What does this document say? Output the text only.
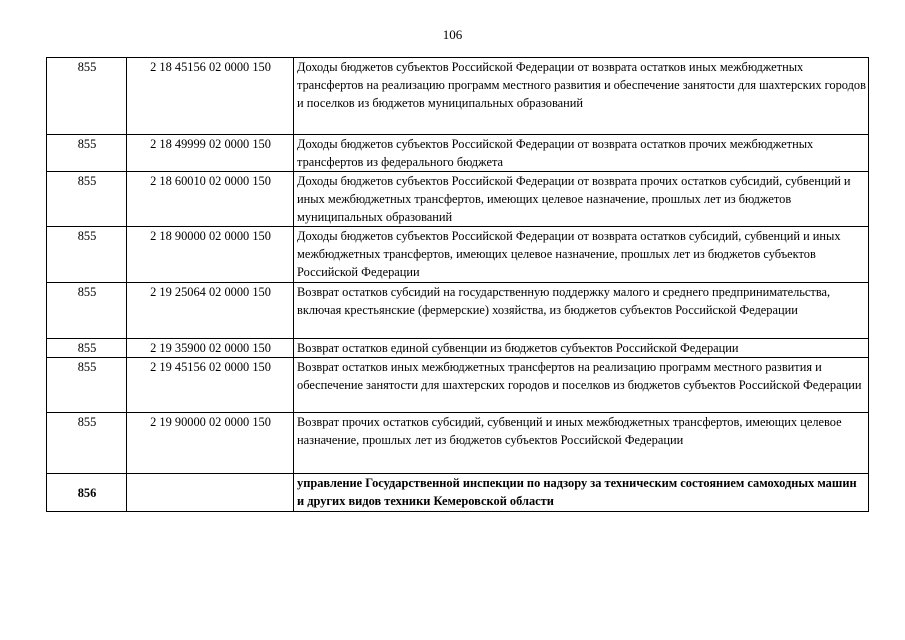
106
855	2 18 45156 02 0000 150	Доходы бюджетов субъектов Российской Федерации от возврата остатков иных межбюджетных трансфертов на реализацию программ местного развития и обеспечение занятости для шахтерских городов и поселков из бюджетов муниципальных образований
855	2 18 49999 02 0000 150	Доходы бюджетов субъектов Российской Федерации от возврата остатков прочих межбюджетных трансфертов из федерального бюджета
855	2 18 60010 02 0000 150	Доходы бюджетов субъектов Российской Федерации от возврата прочих остатков субсидий, субвенций и иных межбюджетных трансфертов, имеющих целевое назначение, прошлых лет из бюджетов муниципальных образований
855	2 18 90000 02 0000 150	Доходы бюджетов субъектов Российской Федерации от возврата остатков субсидий, субвенций и иных межбюджетных трансфертов, имеющих целевое назначение, прошлых лет из бюджетов субъектов Российской Федерации
855	2 19 25064 02 0000 150	Возврат остатков субсидий на государственную поддержку малого и среднего предпринимательства, включая крестьянские (фермерские) хозяйства, из бюджетов субъектов Российской Федерации
855	2 19 35900 02 0000 150	Возврат остатков единой субвенции из бюджетов субъектов Российской Федерации
855	2 19 45156 02 0000 150	Возврат остатков иных межбюджетных трансфертов на реализацию программ местного развития и обеспечение занятости для шахтерских городов и поселков из бюджетов субъектов Российской Федерации
855	2 19 90000 02 0000 150	Возврат прочих остатков субсидий, субвенций и иных межбюджетных трансфертов, имеющих целевое назначение, прошлых лет из бюджетов субъектов Российской Федерации
856		управление Государственной инспекции по надзору за техническим состоянием самоходных машин и других видов техники Кемеровской области
